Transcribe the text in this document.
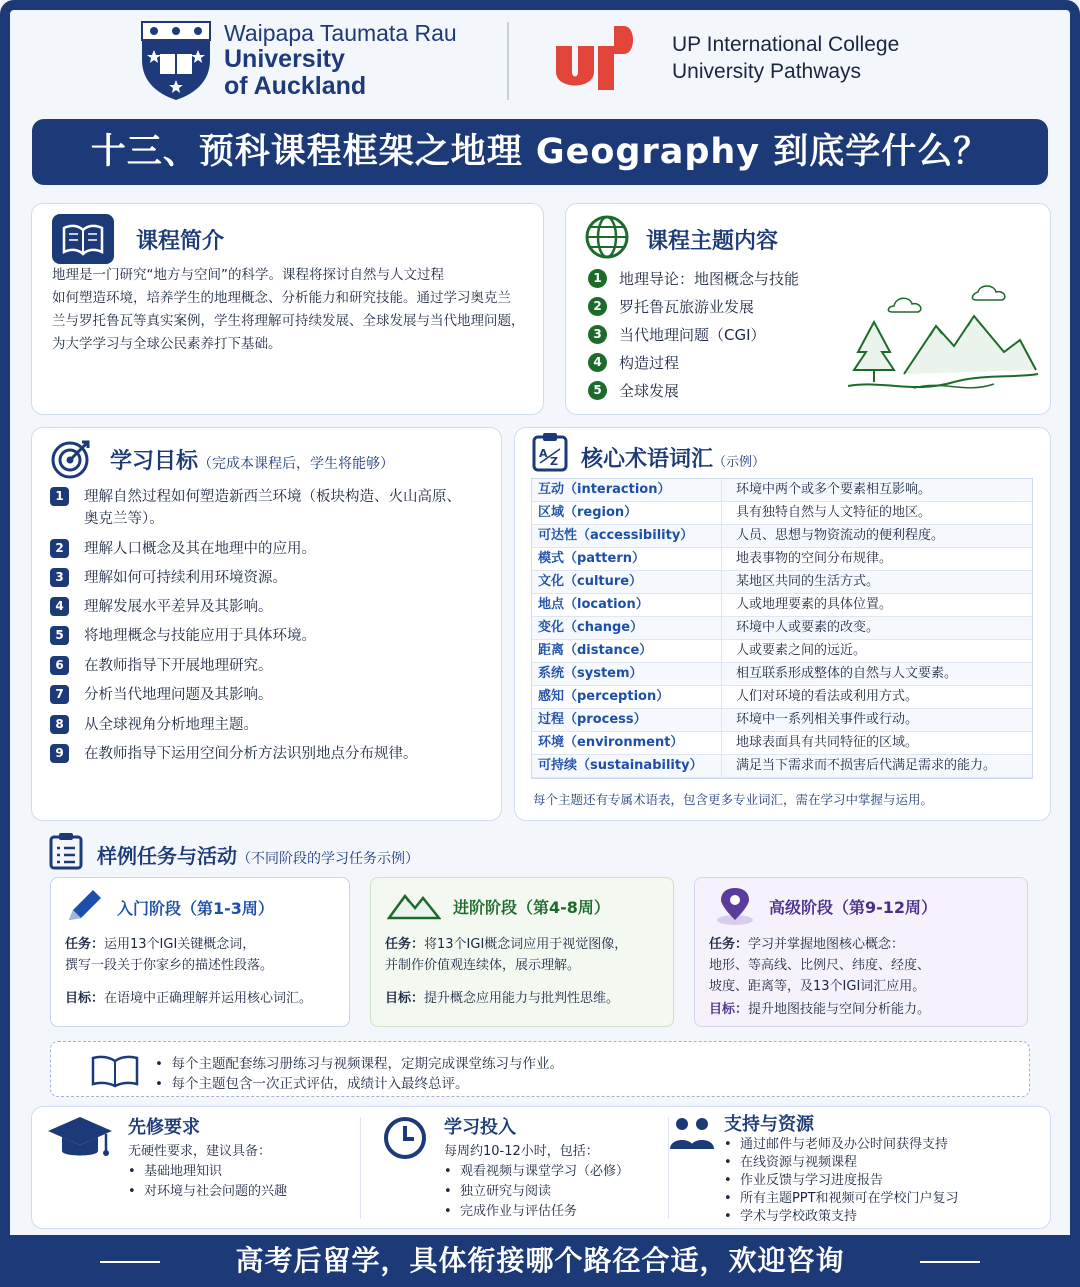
Waipapa Taumata Rau
University
of Auckland
UP International College
University Pathways
十三、预科课程框架之地理 Geography 到底学什么？
课程简介
地理是一门研究“地方与空间”的科学。课程将探讨自然与人文过程
如何塑造环境，培养学生的地理概念、分析能力和研究技能。通过学习奥克兰
兰与罗托鲁瓦等真实案例，学生将理解可持续发展、全球发展与当代地理问题，
为大学学习与全球公民素养打下基础。
课程主题内容
1 地理导论：地图概念与技能
2 罗托鲁瓦旅游业发展
3 当代地理问题（CGI）
4 构造过程
5 全球发展
学习目标（完成本课程后，学生将能够）
1	理解自然过程如何塑造新西兰环境（板块构造、火山高原、
奥克兰等）。
2	理解人口概念及其在地理中的应用。
3	理解如何可持续利用环境资源。
4	理解发展水平差异及其影响。
5	将地理概念与技能应用于具体环境。
6	在教师指导下开展地理研究。
7	分析当代地理问题及其影响。
8	从全球视角分析地理主题。
9	在教师指导下运用空间分析方法识别地点分布规律。
A
Z 核心术语词汇（示例）
互动（interaction）	环境中两个或多个要素相互影响。
区域（region）	具有独特自然与人文特征的地区。
可达性（accessibility）	人员、思想与物资流动的便利程度。
模式（pattern）	地表事物的空间分布规律。
文化（culture）	某地区共同的生活方式。
地点（location）	人或地理要素的具体位置。
变化（change）	环境中人或要素的改变。
距离（distance）	人或要素之间的远近。
系统（system）	相互联系形成整体的自然与人文要素。
感知（perception）	人们对环境的看法或利用方式。
过程（process）	环境中一系列相关事件或行动。
环境（environment）	地球表面具有共同特征的区域。
可持续（sustainability）	满足当下需求而不损害后代满足需求的能力。
每个主题还有专属术语表，包含更多专业词汇，需在学习中掌握与运用。
样例任务与活动（不同阶段的学习任务示例）
入门阶段（第1-3周）
任务：运用13个IGI关键概念词，
撰写一段关于你家乡的描述性段落。
目标：在语境中正确理解并运用核心词汇。
进阶阶段（第4-8周）
任务：将13个IGI概念词应用于视觉图像，
并制作价值观连续体，展示理解。
目标：提升概念应用能力与批判性思维。
高级阶段（第9-12周）
任务：学习并掌握地图核心概念：
地形、等高线、比例尺、纬度、经度、
坡度、距离等，及13个IGI词汇应用。
目标：提升地图技能与空间分析能力。
•  每个主题配套练习册练习与视频课程，定期完成课堂练习与作业。
•  每个主题包含一次正式评估，成绩计入最终总评。
先修要求
无硬性要求，建议具备：
•  基础地理知识
•  对环境与社会问题的兴趣
学习投入
每周约10-12小时，包括：
•  观看视频与课堂学习（必修）
•  独立研究与阅读
•  完成作业与评估任务
支持与资源
•  通过邮件与老师及办公时间获得支持
•  在线资源与视频课程
•  作业反馈与学习进度报告
•  所有主题PPT和视频可在学校门户复习
•  学术与学校政策支持
高考后留学，具体衔接哪个路径合适，欢迎咨询
